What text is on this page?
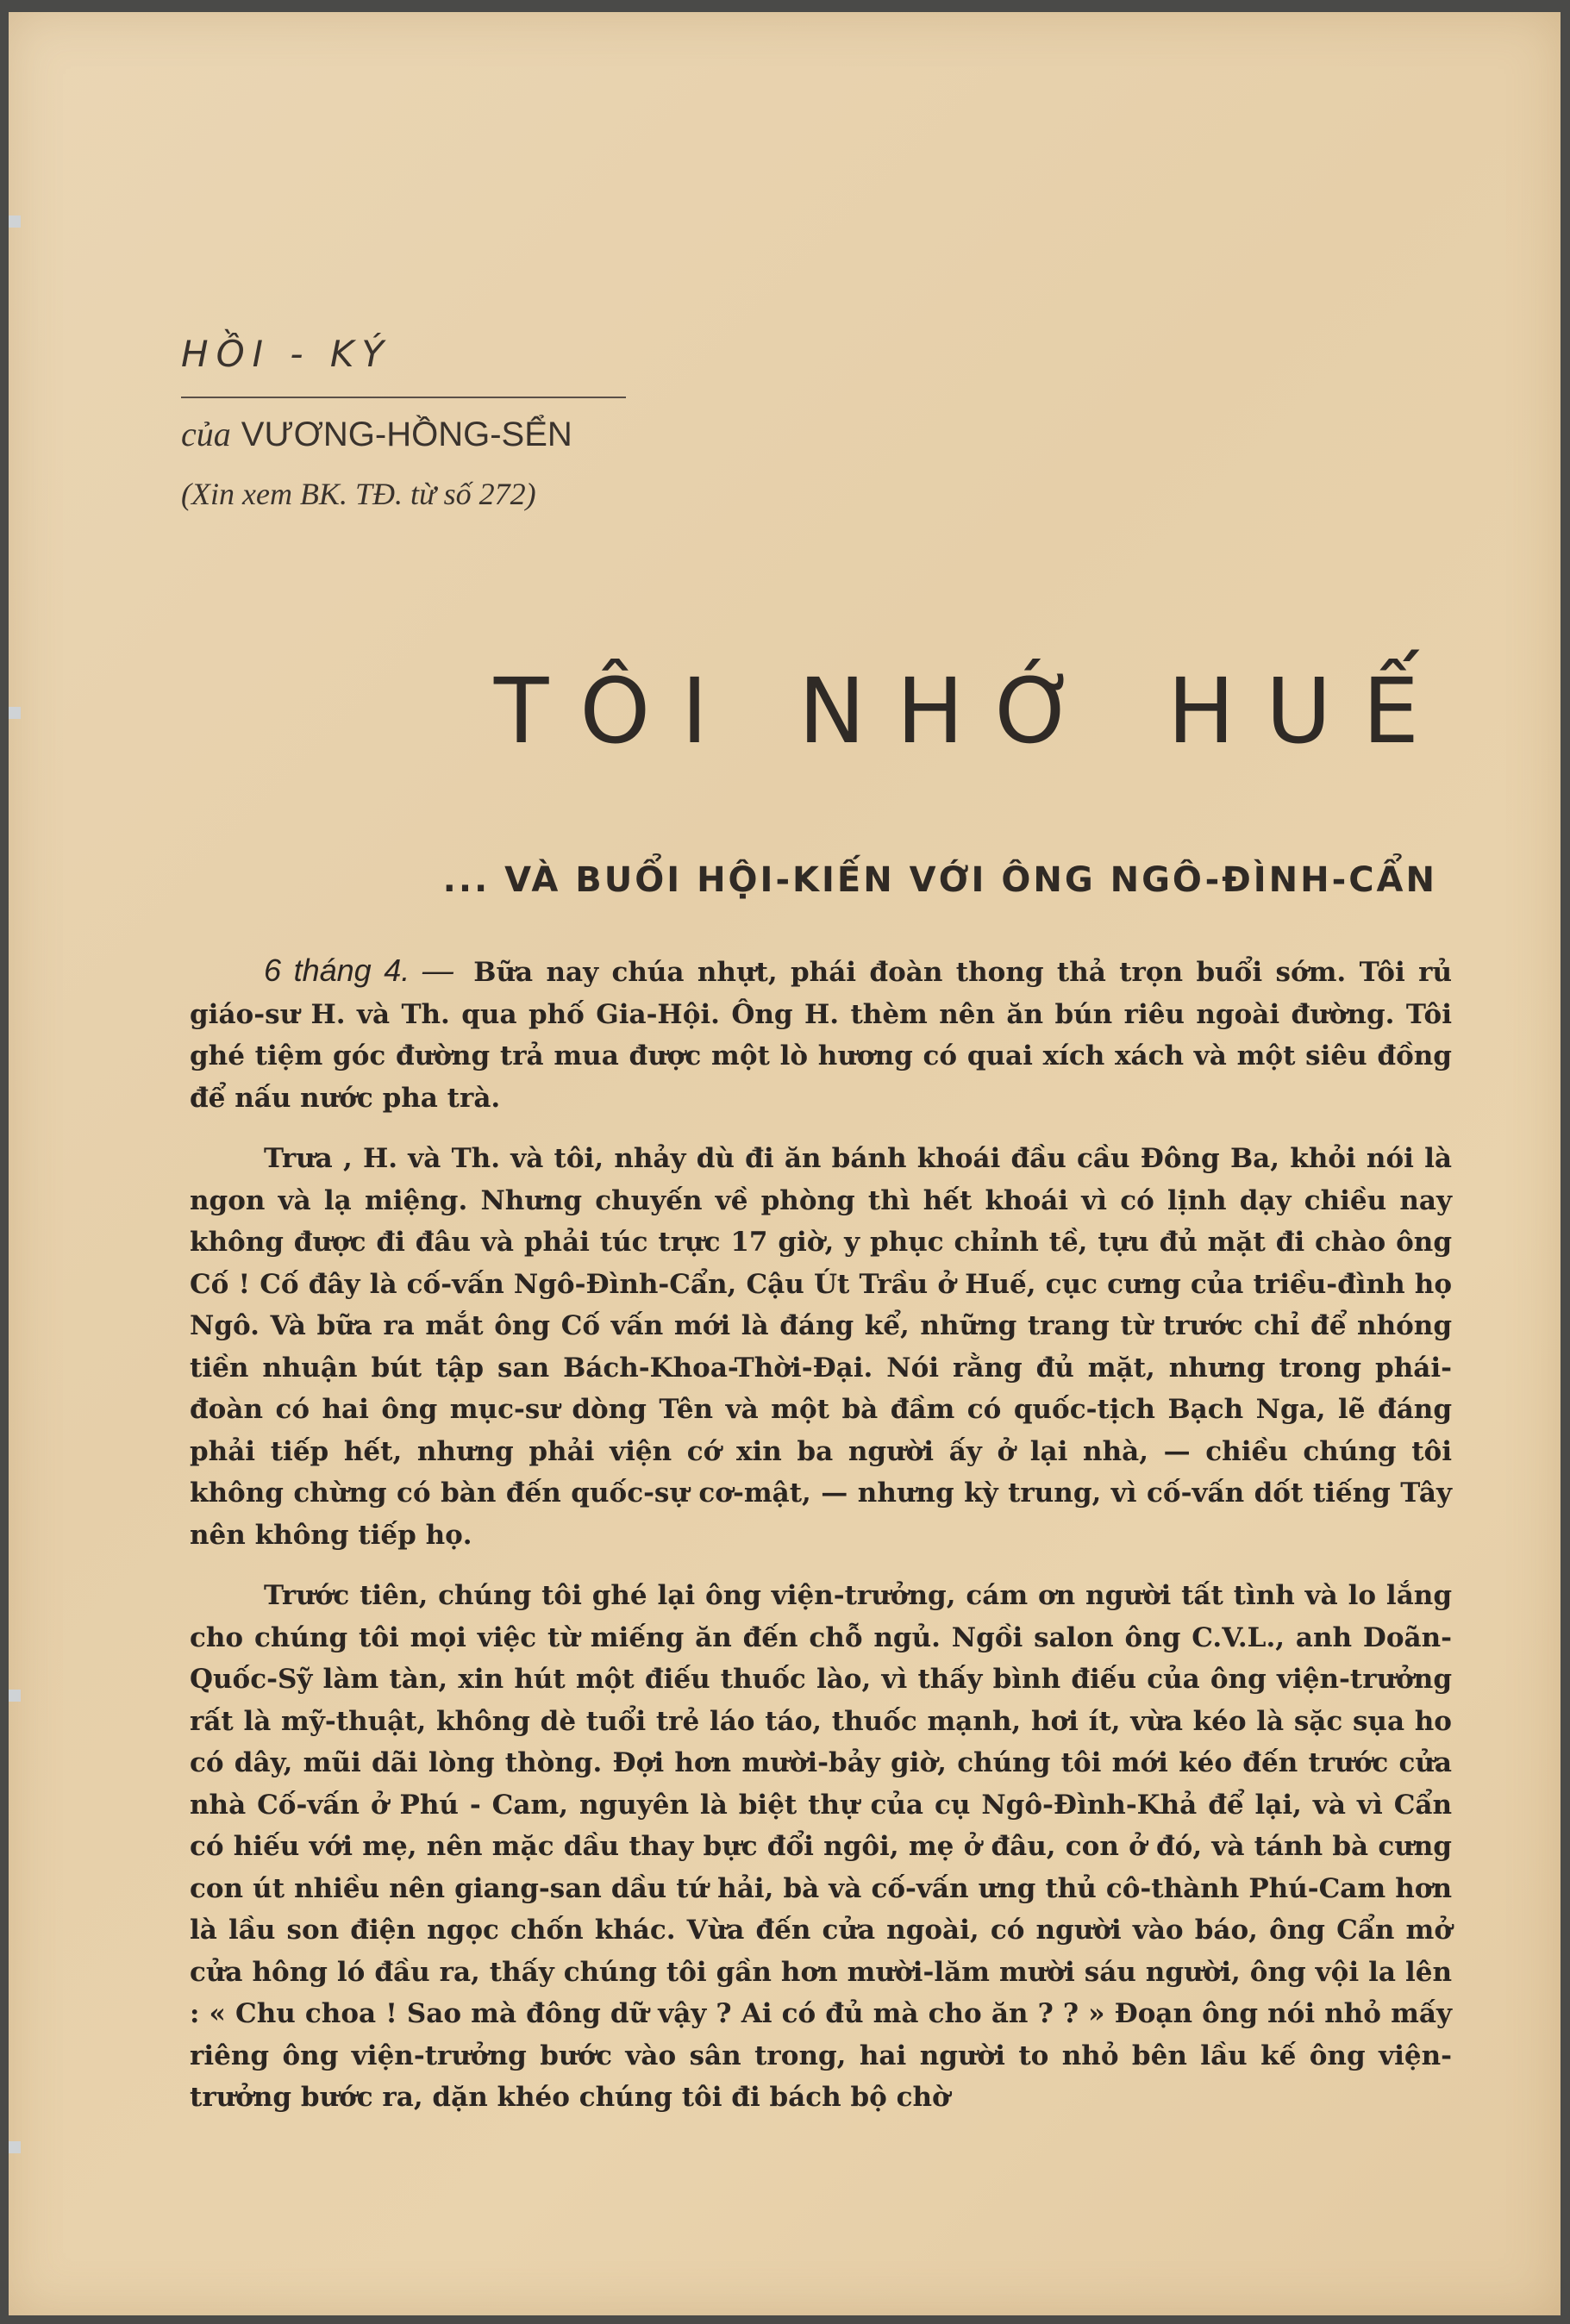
HỒI - KÝ
của VƯƠNG-HỒNG-SỂN
(Xin xem BK. TĐ. từ số 272)
TÔI NHỚ HUẾ
... VÀ BUỔI HỘI-KIẾN VỚI ÔNG NGÔ-ĐÌNH-CẨN

6 tháng 4. — Bữa nay chúa nhựt, phái đoàn thong thả trọn buổi sớm. Tôi rủ giáo-sư H. và Th. qua phố Gia-Hội. Ông H. thèm nên ăn bún riêu ngoài đường. Tôi ghé tiệm góc đường trả mua được một lò hương có quai xích xách và một siêu đồng để nấu nước pha trà.

Trưa , H. và Th. và tôi, nhảy dù đi ăn bánh khoái đầu cầu Đông Ba, khỏi nói là ngon và lạ miệng. Nhưng chuyến về phòng thì hết khoái vì có lịnh dạy chiều nay không được đi đâu và phải túc trực 17 giờ, y phục chỉnh tề, tựu đủ mặt đi chào ông Cố ! Cố đây là cố-vấn Ngô-Đình-Cẩn, Cậu Út Trầu ở Huế, cục cưng của triều-đình họ Ngô. Và bữa ra mắt ông Cố vấn mới là đáng kể, những trang từ trước chỉ để nhóng tiền nhuận bút tập san Bách-Khoa-Thời-Đại. Nói rằng đủ mặt, nhưng trong phái-đoàn có hai ông mục-sư dòng Tên và một bà đầm có quốc-tịch Bạch Nga, lẽ đáng phải tiếp hết, nhưng phải viện cớ xin ba người ấy ở lại nhà, — chiều chúng tôi không chừng có bàn đến quốc-sự cơ-mật, — nhưng kỳ trung, vì cố-vấn dốt tiếng Tây nên không tiếp họ.

Trước tiên, chúng tôi ghé lại ông viện-trưởng, cám ơn người tất tình và lo lắng cho chúng tôi mọi việc từ miếng ăn đến chỗ ngủ. Ngồi salon ông C.V.L., anh Doãn-Quốc-Sỹ làm tàn, xin hút một điếu thuốc lào, vì thấy bình điếu của ông viện-trưởng rất là mỹ-thuật, không dè tuổi trẻ láo táo, thuốc mạnh, hơi ít, vừa kéo là sặc sụa ho có dây, mũi dãi lòng thòng. Đợi hơn mười-bảy giờ, chúng tôi mới kéo đến trước cửa nhà Cố-vấn ở Phú - Cam, nguyên là biệt thự của cụ Ngô-Đình-Khả để lại, và vì Cẩn có hiếu với mẹ, nên mặc dầu thay bực đổi ngôi, mẹ ở đâu, con ở đó, và tánh bà cưng con út nhiều nên giang-san dầu tứ hải, bà và cố-vấn ưng thủ cô-thành Phú-Cam hơn là lầu son điện ngọc chốn khác. Vừa đến cửa ngoài, có người vào báo, ông Cẩn mở cửa hông ló đầu ra, thấy chúng tôi gần hơn mười-lăm mười sáu người, ông vội la lên : « Chu choa ! Sao mà đông dữ vậy ? Ai có đủ mà cho ăn ? ? » Đoạn ông nói nhỏ mấy riêng ông viện-trưởng bước vào sân trong, hai người to nhỏ bên lầu kế ông viện-trưởng bước ra, dặn khéo chúng tôi đi bách bộ chờ
